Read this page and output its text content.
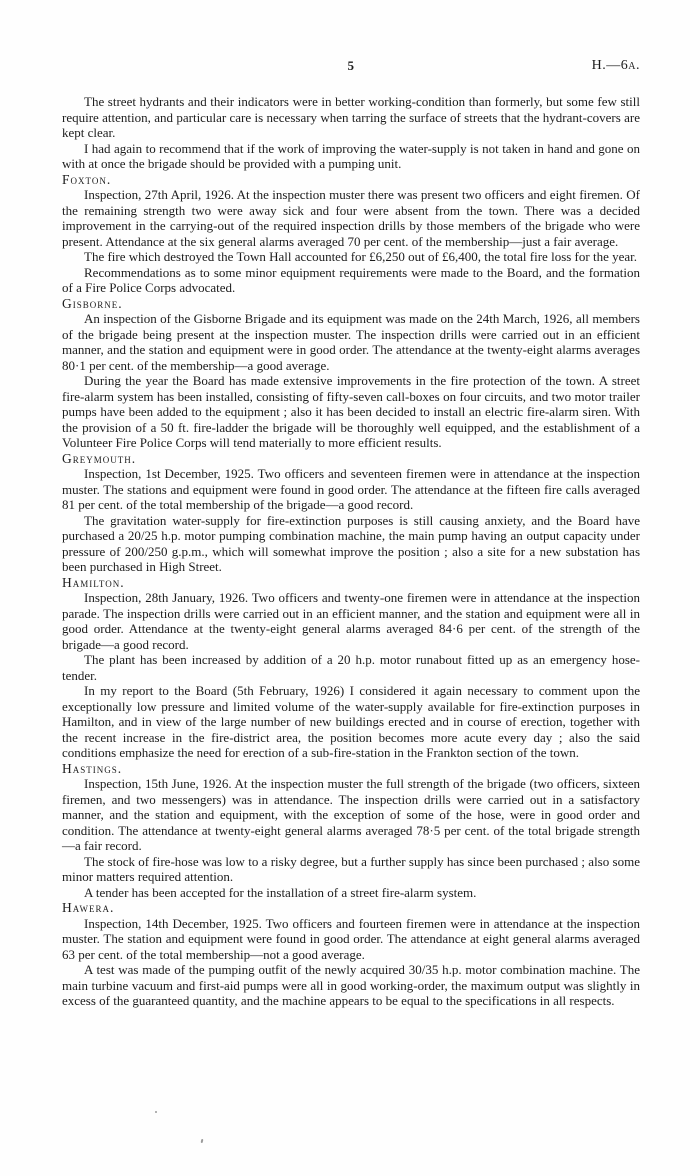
5	H.—6a.

The street hydrants and their indicators were in better working-condition than formerly, but some few still require attention, and particular care is necessary when tarring the surface of streets that the hydrant-covers are kept clear.

I had again to recommend that if the work of improving the water-supply is not taken in hand and gone on with at once the brigade should be provided with a pumping unit.

Foxton.

Inspection, 27th April, 1926. At the inspection muster there was present two officers and eight firemen. Of the remaining strength two were away sick and four were absent from the town. There was a decided improvement in the carrying-out of the required inspection drills by those members of the brigade who were present. Attendance at the six general alarms averaged 70 per cent. of the membership—just a fair average.

The fire which destroyed the Town Hall accounted for £6,250 out of £6,400, the total fire loss for the year.

Recommendations as to some minor equipment requirements were made to the Board, and the formation of a Fire Police Corps advocated.

Gisborne.

An inspection of the Gisborne Brigade and its equipment was made on the 24th March, 1926, all members of the brigade being present at the inspection muster. The inspection drills were carried out in an efficient manner, and the station and equipment were in good order. The attendance at the twenty-eight alarms averages 80·1 per cent. of the membership—a good average.

During the year the Board has made extensive improvements in the fire protection of the town. A street fire-alarm system has been installed, consisting of fifty-seven call-boxes on four circuits, and two motor trailer pumps have been added to the equipment ; also it has been decided to install an electric fire-alarm siren. With the provision of a 50 ft. fire-ladder the brigade will be thoroughly well equipped, and the establishment of a Volunteer Fire Police Corps will tend materially to more efficient results.

Greymouth.

Inspection, 1st December, 1925. Two officers and seventeen firemen were in attendance at the inspection muster. The stations and equipment were found in good order. The attendance at the fifteen fire calls averaged 81 per cent. of the total membership of the brigade—a good record.

The gravitation water-supply for fire-extinction purposes is still causing anxiety, and the Board have purchased a 20/25 h.p. motor pumping combination machine, the main pump having an output capacity under pressure of 200/250 g.p.m., which will somewhat improve the position ; also a site for a new substation has been purchased in High Street.

Hamilton.

Inspection, 28th January, 1926. Two officers and twenty-one firemen were in attendance at the inspection parade. The inspection drills were carried out in an efficient manner, and the station and equipment were all in good order. Attendance at the twenty-eight general alarms averaged 84·6 per cent. of the strength of the brigade—a good record.

The plant has been increased by addition of a 20 h.p. motor runabout fitted up as an emergency hose-tender.

In my report to the Board (5th February, 1926) I considered it again necessary to comment upon the exceptionally low pressure and limited volume of the water-supply available for fire-extinction purposes in Hamilton, and in view of the large number of new buildings erected and in course of erection, together with the recent increase in the fire-district area, the position becomes more acute every day ; also the said conditions emphasize the need for erection of a sub-fire-station in the Frankton section of the town.

Hastings.

Inspection, 15th June, 1926. At the inspection muster the full strength of the brigade (two officers, sixteen firemen, and two messengers) was in attendance. The inspection drills were carried out in a satisfactory manner, and the station and equipment, with the exception of some of the hose, were in good order and condition. The attendance at twenty-eight general alarms averaged 78·5 per cent. of the total brigade strength—a fair record.

The stock of fire-hose was low to a risky degree, but a further supply has since been purchased ; also some minor matters required attention.

A tender has been accepted for the installation of a street fire-alarm system.

Hawera.

Inspection, 14th December, 1925. Two officers and fourteen firemen were in attendance at the inspection muster. The station and equipment were found in good order. The attendance at eight general alarms averaged 63 per cent. of the total membership—not a good average.

A test was made of the pumping outfit of the newly acquired 30/35 h.p. motor combination machine. The main turbine vacuum and first-aid pumps were all in good working-order, the maximum output was slightly in excess of the guaranteed quantity, and the machine appears to be equal to the specifications in all respects.
